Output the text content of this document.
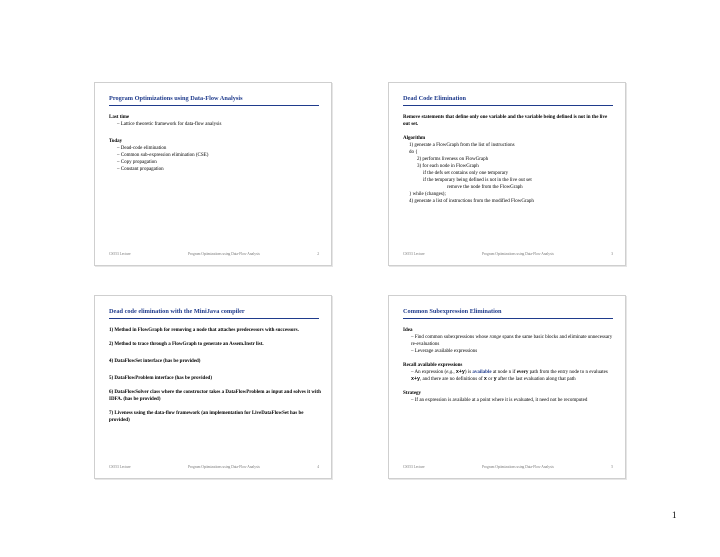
Program Optimizations using Data-Flow Analysis
Last time
– Lattice theoretic framework for data-flow analysis
Today
– Dead-code elimination
– Common sub-expression elimination (CSE)
– Copy propagation
– Constant propagation
CS553 Lecture	Program Optimizations using Data-Flow Analysis	2
Dead Code Elimination
Remove statements that define only one variable and the variable being defined is not in the live out set.
Algorithm
1) generate a FlowGraph from the list of instructions
do {
2) performs liveness on FlowGraph
3) for each node in FlowGraph
if the defs set contains only one temporary
if the temporary being defined is not in the live out set
remove the node from the FlowGraph
} while (changes);
4) generate a list of instructions from the modified FlowGraph
CS553 Lecture	Program Optimizations using Data-Flow Analysis	3
Dead code elimination with the MiniJava compiler
1) Method in FlowGraph for removing a node that attaches predecessors with successors.
2) Method to trace through a FlowGraph to generate an Assem.Instr list.
4) DataFlowSet interface (has be provided)
5) DataFlowProblem interface (has be provided)
6) DataFlowSolver class where the constructor takes a DataFlowProblem as input and solves it with IDFA. (has be provided)
7) Liveness using the data-flow framework (an implementation for LiveDataFlowSet has be provided)
CS553 Lecture	Program Optimizations using Data-Flow Analysis	4
Common Subexpression Elimination
Idea
– Find common subexpressions whose range spans the same basic blocks and eliminate unnecessary re-evaluations
– Leverage available expressions
Recall available expressions
– An expression (e.g., x+y) is available at node n if every path from the entry node to n evaluates x+y, and there are no definitions of x or y after the last evaluation along that path
Strategy
– If an expression is available at a point where it is evaluated, it need not be recomputed
CS553 Lecture	Program Optimizations using Data-Flow Analysis	5
1
